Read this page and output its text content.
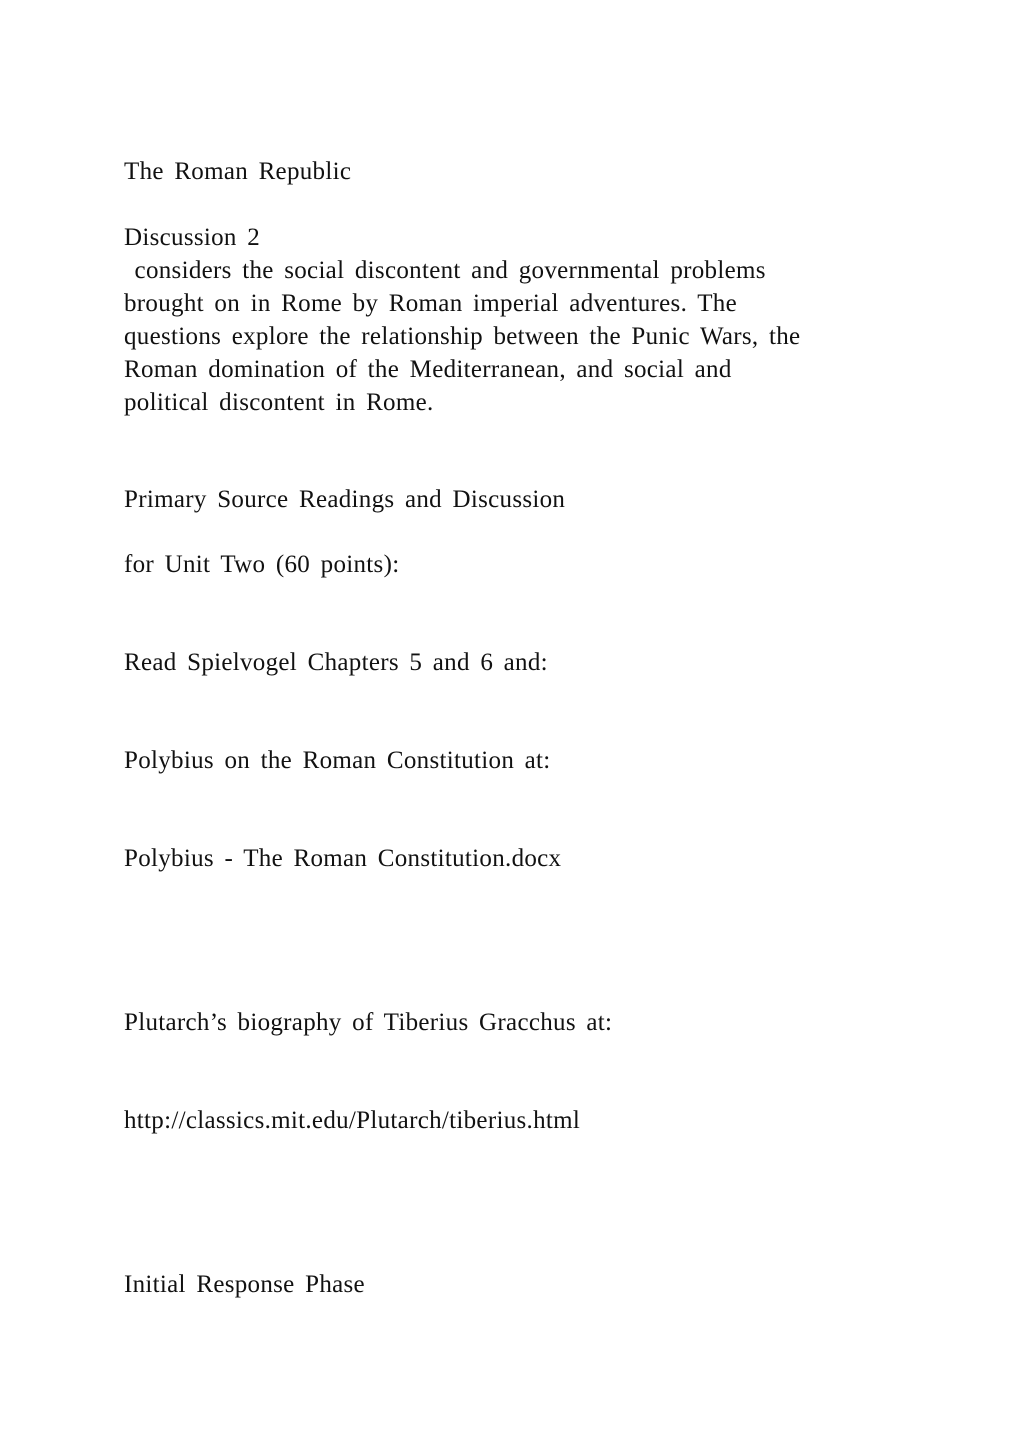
The Roman Republic
Discussion 2
considers the social discontent and governmental problems
brought on in Rome by Roman imperial adventures. The
questions explore the relationship between the Punic Wars, the
Roman domination of the Mediterranean, and social and
political discontent in Rome.
Primary Source Readings and Discussion
for Unit Two (60 points):
Read Spielvogel Chapters 5 and 6 and:
Polybius on the Roman Constitution at:
Polybius - The Roman Constitution.docx
Plutarch’s biography of Tiberius Gracchus at:
http://classics.mit.edu/Plutarch/tiberius.html
Initial Response Phase
